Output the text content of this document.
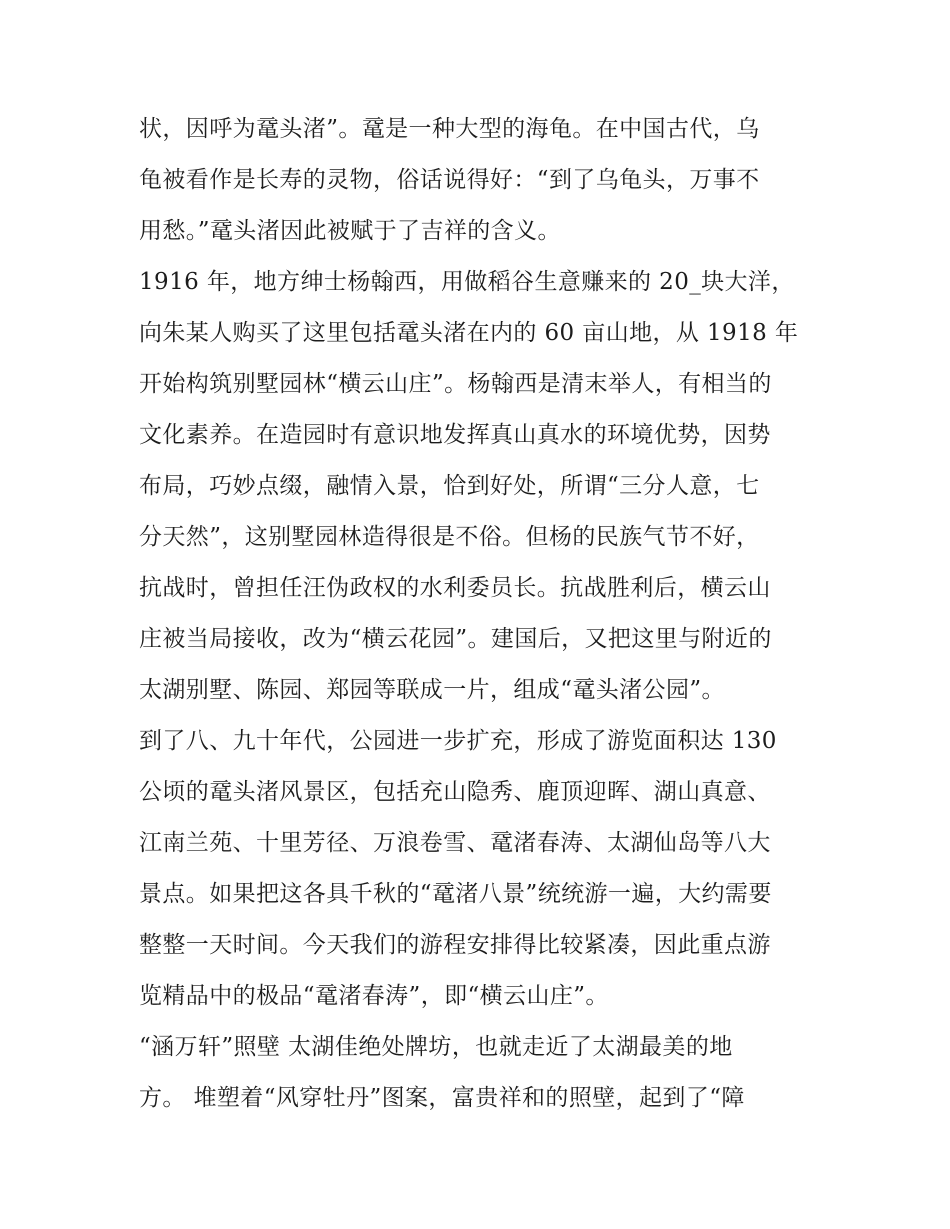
状，因呼为鼋头渚”。鼋是一种大型的海龟。在中国古代，乌
龟被看作是长寿的灵物，俗话说得好：“到了乌龟头，万事不
用愁。”鼋头渚因此被赋于了吉祥的含义。
1916 年，地方绅士杨翰西，用做稻谷生意赚来的 20_块大洋，
向朱某人购买了这里包括鼋头渚在内的 60 亩山地，从 1918 年
开始构筑别墅园林“横云山庄”。杨翰西是清末举人，有相当的
文化素养。在造园时有意识地发挥真山真水的环境优势，因势
布局，巧妙点缀，融情入景，恰到好处，所谓“三分人意，七
分天然”，这别墅园林造得很是不俗。但杨的民族气节不好，
抗战时，曾担任汪伪政权的水利委员长。抗战胜利后，横云山
庄被当局接收，改为“横云花园”。建国后，又把这里与附近的
太湖别墅、陈园、郑园等联成一片，组成“鼋头渚公园”。
到了八、九十年代，公园进一步扩充，形成了游览面积达 130
公顷的鼋头渚风景区，包括充山隐秀、鹿顶迎晖、湖山真意、
江南兰苑、十里芳径、万浪卷雪、鼋渚春涛、太湖仙岛等八大
景点。如果把这各具千秋的“鼋渚八景”统统游一遍，大约需要
整整一天时间。今天我们的游程安排得比较紧凑，因此重点游
览精品中的极品“鼋渚春涛”，即“横云山庄”。
“涵万轩”照壁 太湖佳绝处牌坊，也就走近了太湖最美的地
方。 堆塑着“风穿牡丹”图案，富贵祥和的照壁，起到了“障
